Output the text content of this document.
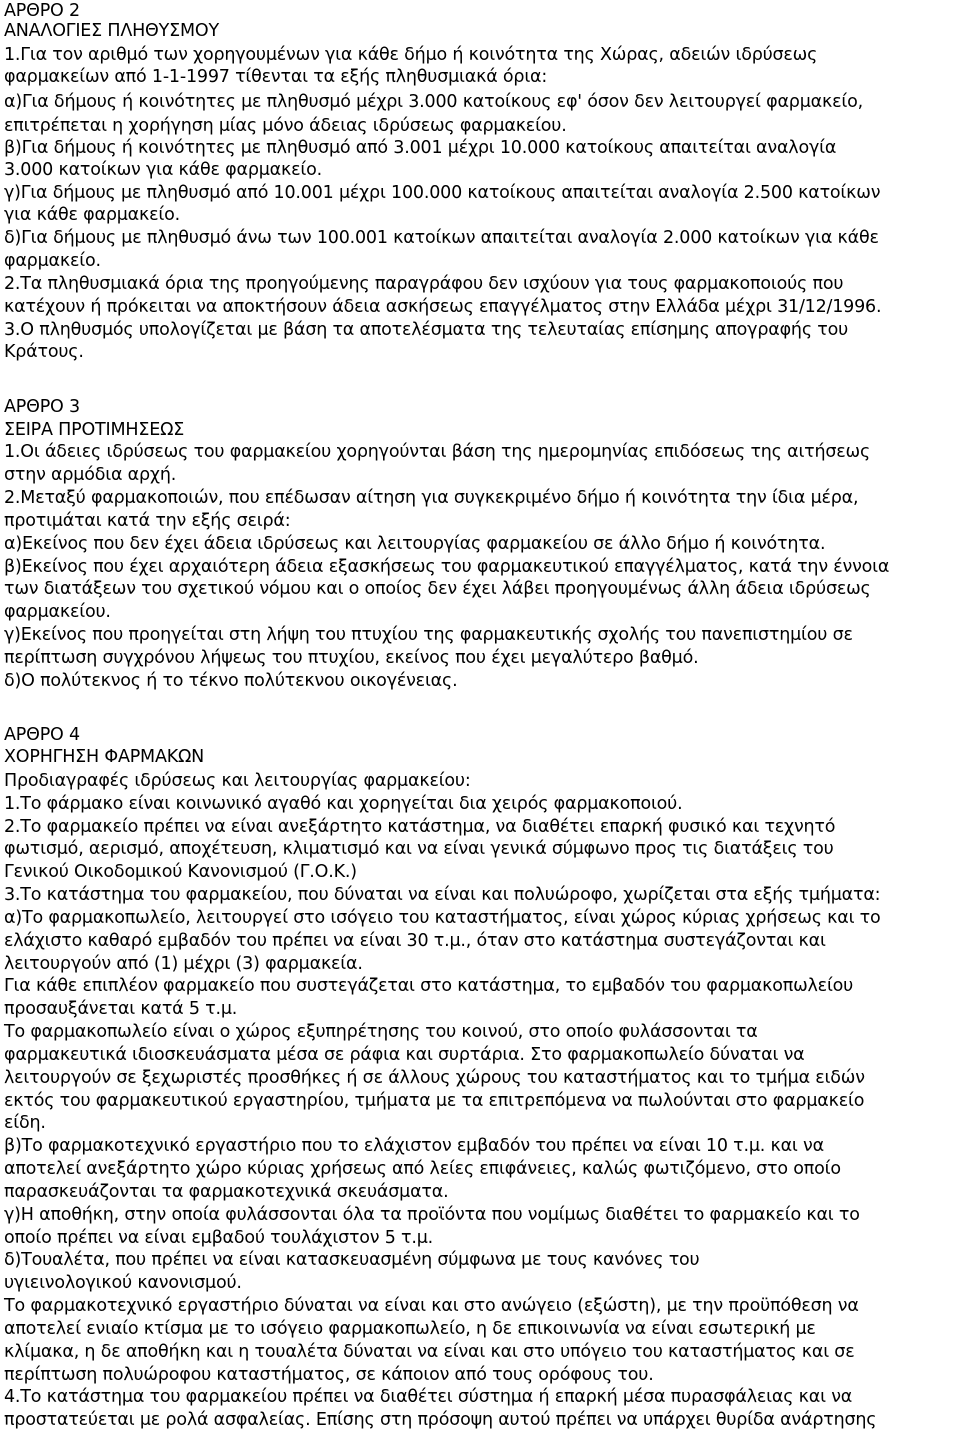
ΑΡΘΡΟ 2
ΑΝΑΛΟΓΙΕΣ ΠΛΗΘΥΣΜΟΥ
1.Για τον αριθμό των χορηγουμένων για κάθε δήμο ή κοινότητα της Χώρας, αδειών ιδρύσεως
φαρμακείων από 1-1-1997 τίθενται τα εξής πληθυσμιακά όρια:
α)Για δήμους ή κοινότητες με πληθυσμό μέχρι 3.000 κατοίκους εφ' όσον δεν λειτουργεί φαρμακείο,
επιτρέπεται η χορήγηση μίας μόνο άδειας ιδρύσεως φαρμακείου.
β)Για δήμους ή κοινότητες με πληθυσμό από 3.001 μέχρι 10.000 κατοίκους απαιτείται αναλογία
3.000 κατοίκων για κάθε φαρμακείο.
γ)Για δήμους με πληθυσμό από 10.001 μέχρι 100.000 κατοίκους απαιτείται αναλογία 2.500 κατοίκων
για κάθε φαρμακείο.
δ)Για δήμους με πληθυσμό άνω των 100.001 κατοίκων απαιτείται αναλογία 2.000 κατοίκων για κάθε
φαρμακείο.
2.Τα πληθυσμιακά όρια της προηγούμενης παραγράφου δεν ισχύουν για τους φαρμακοποιούς που
κατέχουν ή πρόκειται να αποκτήσουν άδεια ασκήσεως επαγγέλματος στην Ελλάδα μέχρι 31/12/1996.
3.Ο πληθυσμός υπολογίζεται με βάση τα αποτελέσματα της τελευταίας επίσημης απογραφής του
Κράτους.
ΑΡΘΡΟ 3
ΣΕΙΡΑ ΠΡΟΤΙΜΗΣΕΩΣ
1.Οι άδειες ιδρύσεως του φαρμακείου χορηγούνται βάση της ημερομηνίας επιδόσεως της αιτήσεως
στην αρμόδια αρχή.
2.Μεταξύ φαρμακοποιών, που επέδωσαν αίτηση για συγκεκριμένο δήμο ή κοινότητα την ίδια μέρα,
προτιμάται κατά την εξής σειρά:
α)Εκείνος που δεν έχει άδεια ιδρύσεως και λειτουργίας φαρμακείου σε άλλο δήμο ή κοινότητα.
β)Εκείνος που έχει αρχαιότερη άδεια εξασκήσεως του φαρμακευτικού επαγγέλματος, κατά την έννοια
των διατάξεων του σχετικού νόμου και ο οποίος δεν έχει λάβει προηγουμένως άλλη άδεια ιδρύσεως
φαρμακείου.
γ)Εκείνος που προηγείται στη λήψη του πτυχίου της φαρμακευτικής σχολής του πανεπιστημίου σε
περίπτωση συγχρόνου λήψεως του πτυχίου, εκείνος που έχει μεγαλύτερο βαθμό.
δ)Ο πολύτεκνος ή το τέκνο πολύτεκνου οικογένειας.
ΑΡΘΡΟ 4
ΧΟΡΗΓΗΣΗ ΦΑΡΜΑΚΩΝ
Προδιαγραφές ιδρύσεως και λειτουργίας φαρμακείου:
1.Το φάρμακο είναι κοινωνικό αγαθό και χορηγείται δια χειρός φαρμακοποιού.
2.Το φαρμακείο πρέπει να είναι ανεξάρτητο κατάστημα, να διαθέτει επαρκή φυσικό και τεχνητό
φωτισμό, αερισμό, αποχέτευση, κλιματισμό και να είναι γενικά σύμφωνο προς τις διατάξεις του
Γενικού Οικοδομικού Κανονισμού (Γ.Ο.Κ.)
3.Το κατάστημα του φαρμακείου, που δύναται να είναι και πολυώροφο, χωρίζεται στα εξής τμήματα:
α)Το φαρμακοπωλείο, λειτουργεί στο ισόγειο του καταστήματος, είναι χώρος κύριας χρήσεως και το
ελάχιστο καθαρό εμβαδόν του πρέπει να είναι 30 τ.μ., όταν στο κατάστημα συστεγάζονται και
λειτουργούν από (1) μέχρι (3) φαρμακεία.
Για κάθε επιπλέον φαρμακείο που συστεγάζεται στο κατάστημα, το εμβαδόν του φαρμακοπωλείου
προσαυξάνεται κατά 5 τ.μ.
Το φαρμακοπωλείο είναι ο χώρος εξυπηρέτησης του κοινού, στο οποίο φυλάσσονται τα
φαρμακευτικά ιδιοσκευάσματα μέσα σε ράφια και συρτάρια. Στο φαρμακοπωλείο δύναται να
λειτουργούν σε ξεχωριστές προσθήκες ή σε άλλους χώρους του καταστήματος και το τμήμα ειδών
εκτός του φαρμακευτικού εργαστηρίου, τμήματα με τα επιτρεπόμενα να πωλούνται στο φαρμακείο
είδη.
β)Το φαρμακοτεχνικό εργαστήριο που το ελάχιστον εμβαδόν του πρέπει να είναι 10 τ.μ. και να
αποτελεί ανεξάρτητο χώρο κύριας χρήσεως από λείες επιφάνειες, καλώς φωτιζόμενο, στο οποίο
παρασκευάζονται τα φαρμακοτεχνικά σκευάσματα.
γ)Η αποθήκη, στην οποία φυλάσσονται όλα τα προϊόντα που νομίμως διαθέτει το φαρμακείο και το
οποίο πρέπει να είναι εμβαδού τουλάχιστον 5 τ.μ.
δ)Τουαλέτα, που πρέπει να είναι κατασκευασμένη σύμφωνα με τους κανόνες του
υγιεινολογικού κανονισμού.
Το φαρμακοτεχνικό εργαστήριο δύναται να είναι και στο ανώγειο (εξώστη), με την προϋπόθεση να
αποτελεί ενιαίο κτίσμα με το ισόγειο φαρμακοπωλείο, η δε επικοινωνία να είναι εσωτερική με
κλίμακα, η δε αποθήκη και η τουαλέτα δύναται να είναι και στο υπόγειο του καταστήματος και σε
περίπτωση πολυώροφου καταστήματος, σε κάποιον από τους ορόφους του.
4.Το κατάστημα του φαρμακείου πρέπει να διαθέτει σύστημα ή επαρκή μέσα πυρασφάλειας και να
προστατεύεται με ρολά ασφαλείας. Επίσης στη πρόσοψη αυτού πρέπει να υπάρχει θυρίδα ανάρτησης
